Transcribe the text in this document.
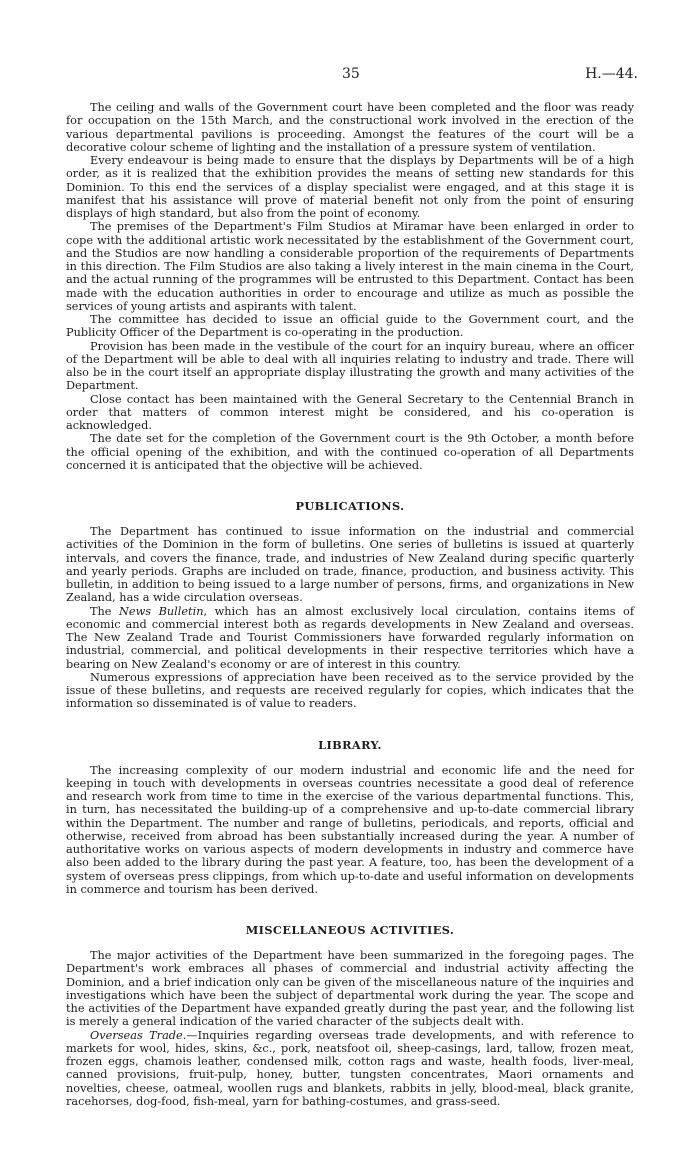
35	H.—44.

The ceiling and walls of the Government court have been completed and the floor was ready for occupation on the 15th March, and the constructional work involved in the erection of the various departmental pavilions is proceeding. Amongst the features of the court will be a decorative colour scheme of lighting and the installation of a pressure system of ventilation.

Every endeavour is being made to ensure that the displays by Departments will be of a high order, as it is realized that the exhibition provides the means of setting new standards for this Dominion. To this end the services of a display specialist were engaged, and at this stage it is manifest that his assistance will prove of material benefit not only from the point of ensuring displays of high standard, but also from the point of economy.

The premises of the Department's Film Studios at Miramar have been enlarged in order to cope with the additional artistic work necessitated by the establishment of the Government court, and the Studios are now handling a considerable proportion of the requirements of Departments in this direction. The Film Studios are also taking a lively interest in the main cinema in the Court, and the actual running of the programmes will be entrusted to this Department. Contact has been made with the education authorities in order to encourage and utilize as much as possible the services of young artists and aspirants with talent.

The committee has decided to issue an official guide to the Government court, and the Publicity Officer of the Department is co-operating in the production.

Provision has been made in the vestibule of the court for an inquiry bureau, where an officer of the Department will be able to deal with all inquiries relating to industry and trade. There will also be in the court itself an appropriate display illustrating the growth and many activities of the Department.

Close contact has been maintained with the General Secretary to the Centennial Branch in order that matters of common interest might be considered, and his co-operation is acknowledged.

The date set for the completion of the Government court is the 9th October, a month before the official opening of the exhibition, and with the continued co-operation of all Departments concerned it is anticipated that the objective will be achieved.

PUBLICATIONS.

The Department has continued to issue information on the industrial and commercial activities of the Dominion in the form of bulletins. One series of bulletins is issued at quarterly intervals, and covers the finance, trade, and industries of New Zealand during specific quarterly and yearly periods. Graphs are included on trade, finance, production, and business activity. This bulletin, in addition to being issued to a large number of persons, firms, and organizations in New Zealand, has a wide circulation overseas.

The News Bulletin, which has an almost exclusively local circulation, contains items of economic and commercial interest both as regards developments in New Zealand and overseas. The New Zealand Trade and Tourist Commissioners have forwarded regularly information on industrial, commercial, and political developments in their respective territories which have a bearing on New Zealand's economy or are of interest in this country.

Numerous expressions of appreciation have been received as to the service provided by the issue of these bulletins, and requests are received regularly for copies, which indicates that the information so disseminated is of value to readers.

LIBRARY.

The increasing complexity of our modern industrial and economic life and the need for keeping in touch with developments in overseas countries necessitate a good deal of reference and research work from time to time in the exercise of the various departmental functions. This, in turn, has necessitated the building-up of a comprehensive and up-to-date commercial library within the Department. The number and range of bulletins, periodicals, and reports, official and otherwise, received from abroad has been substantially increased during the year. A number of authoritative works on various aspects of modern developments in industry and commerce have also been added to the library during the past year. A feature, too, has been the development of a system of overseas press clippings, from which up-to-date and useful information on developments in commerce and tourism has been derived.

MISCELLANEOUS ACTIVITIES.

The major activities of the Department have been summarized in the foregoing pages. The Department's work embraces all phases of commercial and industrial activity affecting the Dominion, and a brief indication only can be given of the miscellaneous nature of the inquiries and investigations which have been the subject of departmental work during the year. The scope and the activities of the Department have expanded greatly during the past year, and the following list is merely a general indication of the varied character of the subjects dealt with.

Overseas Trade.—Inquiries regarding overseas trade developments, and with reference to markets for wool, hides, skins, &c., pork, neatsfoot oil, sheep-casings, lard, tallow, frozen meat, frozen eggs, chamois leather, condensed milk, cotton rags and waste, health foods, liver-meal, canned provisions, fruit-pulp, honey, butter, tungsten concentrates, Maori ornaments and novelties, cheese, oatmeal, woollen rugs and blankets, rabbits in jelly, blood-meal, black granite, racehorses, dog-food, fish-meal, yarn for bathing-costumes, and grass-seed.
